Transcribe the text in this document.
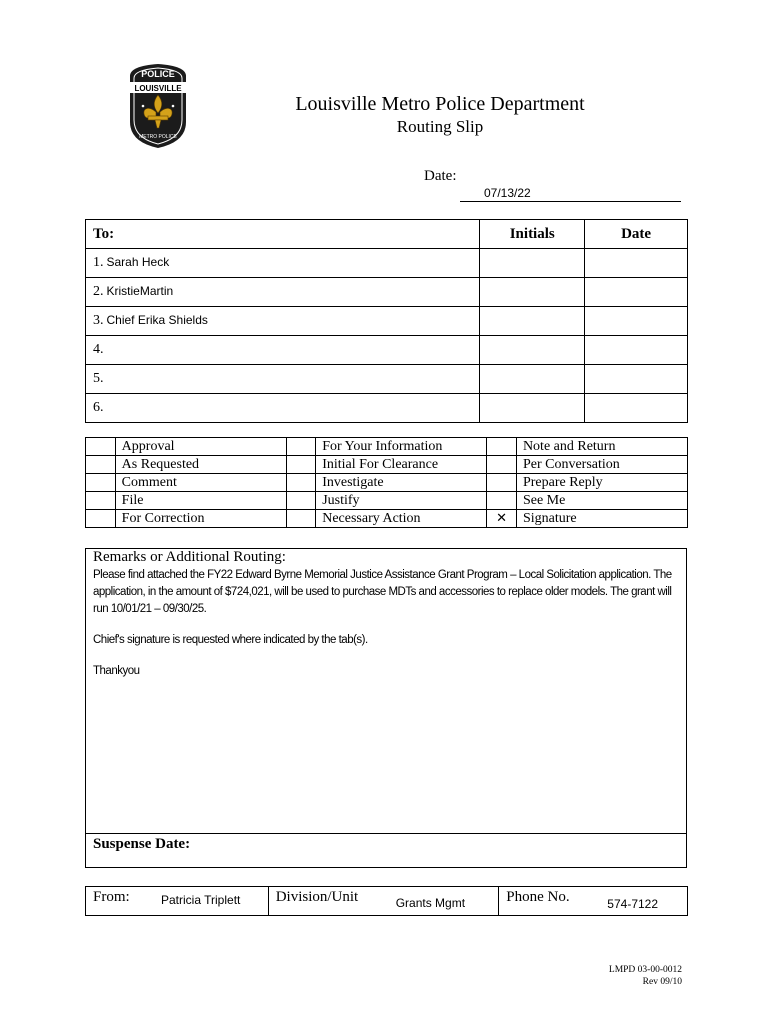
POLICE
LOUISVILLE
METRO POLICE
Louisville Metro Police Department
Routing Slip
Date:
07/13/22
To:	Initials	Date
1. Sarah Heck		
2. KristieMartin		
3. Chief Erika Shields		
4.		
5.		
6.		
	Approval		For Your Information		Note and Return
	As Requested		Initial For Clearance		Per Conversation
	Comment		Investigate		Prepare Reply
	File		Justify		See Me
	For Correction		Necessary Action	✕	Signature
Remarks or Additional Routing:

Please find attached the FY22 Edward Byrne Memorial Justice Assistance Grant Program – Local Solicitation application. The application, in the amount of $724,021, will be used to purchase MDTs and accessories to replace older models. The grant will run 10/01/21 – 09/30/25.

Chief's signature is requested where indicated by the tab(s).

Thankyou

Suspense Date:
From:	Patricia Triplett	Division/Unit	Grants Mgmt	Phone No.	574-7122
LMPD 03-00-0012
Rev 09/10
